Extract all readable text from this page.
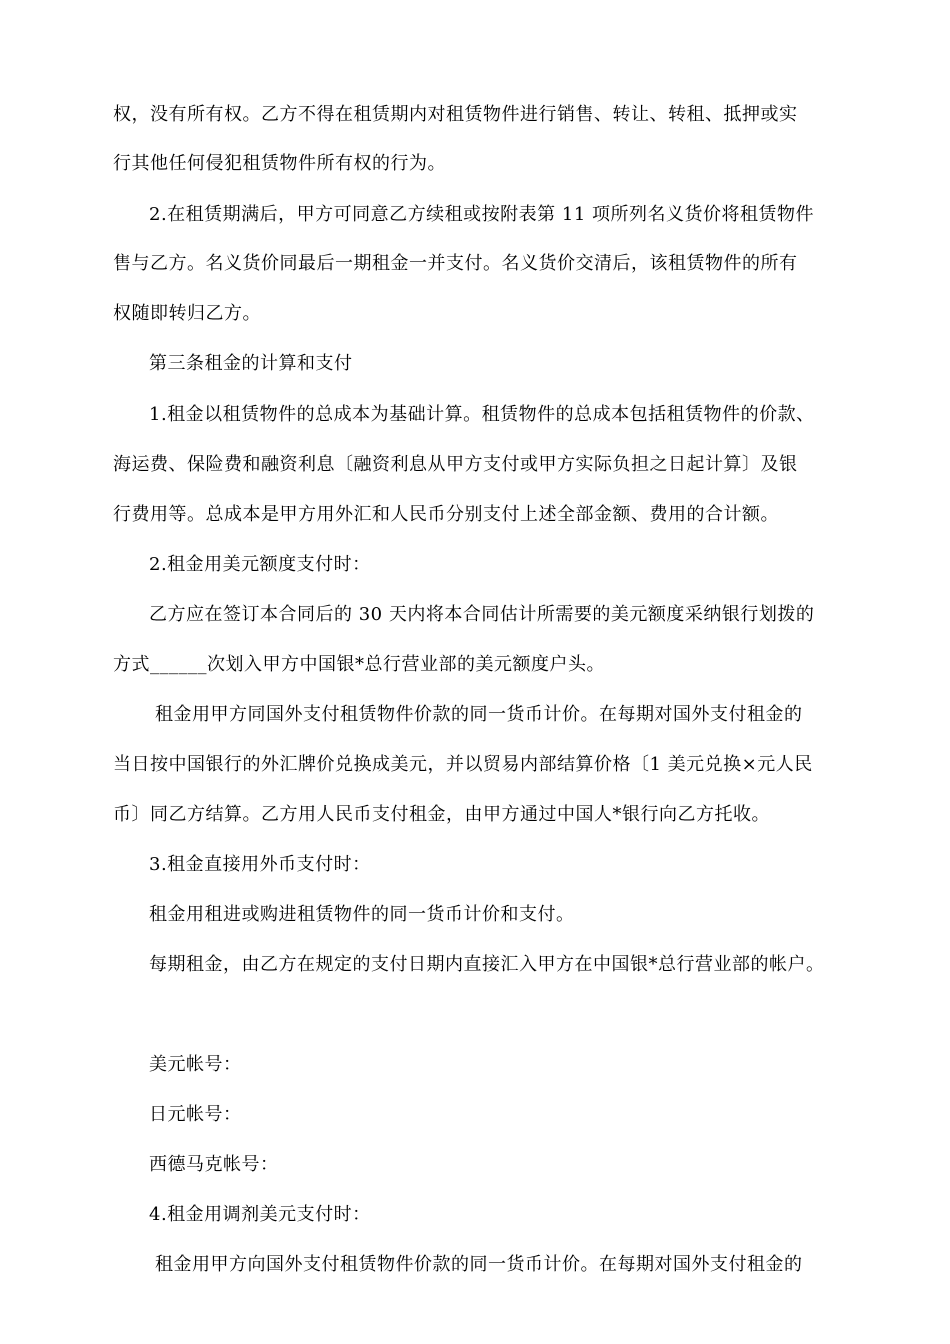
权，没有所有权。乙方不得在租赁期内对租赁物件进行销售、转让、转租、抵押或实
行其他任何侵犯租赁物件所有权的行为。
2.在租赁期满后，甲方可同意乙方续租或按附表第 11 项所列名义货价将租赁物件
售与乙方。名义货价同最后一期租金一并支付。名义货价交清后，该租赁物件的所有
权随即转归乙方。
第三条租金的计算和支付
1.租金以租赁物件的总成本为基础计算。租赁物件的总成本包括租赁物件的价款、
海运费、保险费和融资利息〔融资利息从甲方支付或甲方实际负担之日起计算〕及银
行费用等。总成本是甲方用外汇和人民币分别支付上述全部金额、费用的合计额。
2.租金用美元额度支付时：
乙方应在签订本合同后的 30 天内将本合同估计所需要的美元额度采纳银行划拨的
方式______次划入甲方中国银*总行营业部的美元额度户头。
租金用甲方同国外支付租赁物件价款的同一货币计价。在每期对国外支付租金的
当日按中国银行的外汇牌价兑换成美元，并以贸易内部结算价格〔1 美元兑换×元人民
币〕同乙方结算。乙方用人民币支付租金，由甲方通过中国人*银行向乙方托收。
3.租金直接用外币支付时：
租金用租进或购进租赁物件的同一货币计价和支付。
每期租金，由乙方在规定的支付日期内直接汇入甲方在中国银*总行营业部的帐户。
美元帐号：
日元帐号：
西德马克帐号：
4.租金用调剂美元支付时：
租金用甲方向国外支付租赁物件价款的同一货币计价。在每期对国外支付租金的
